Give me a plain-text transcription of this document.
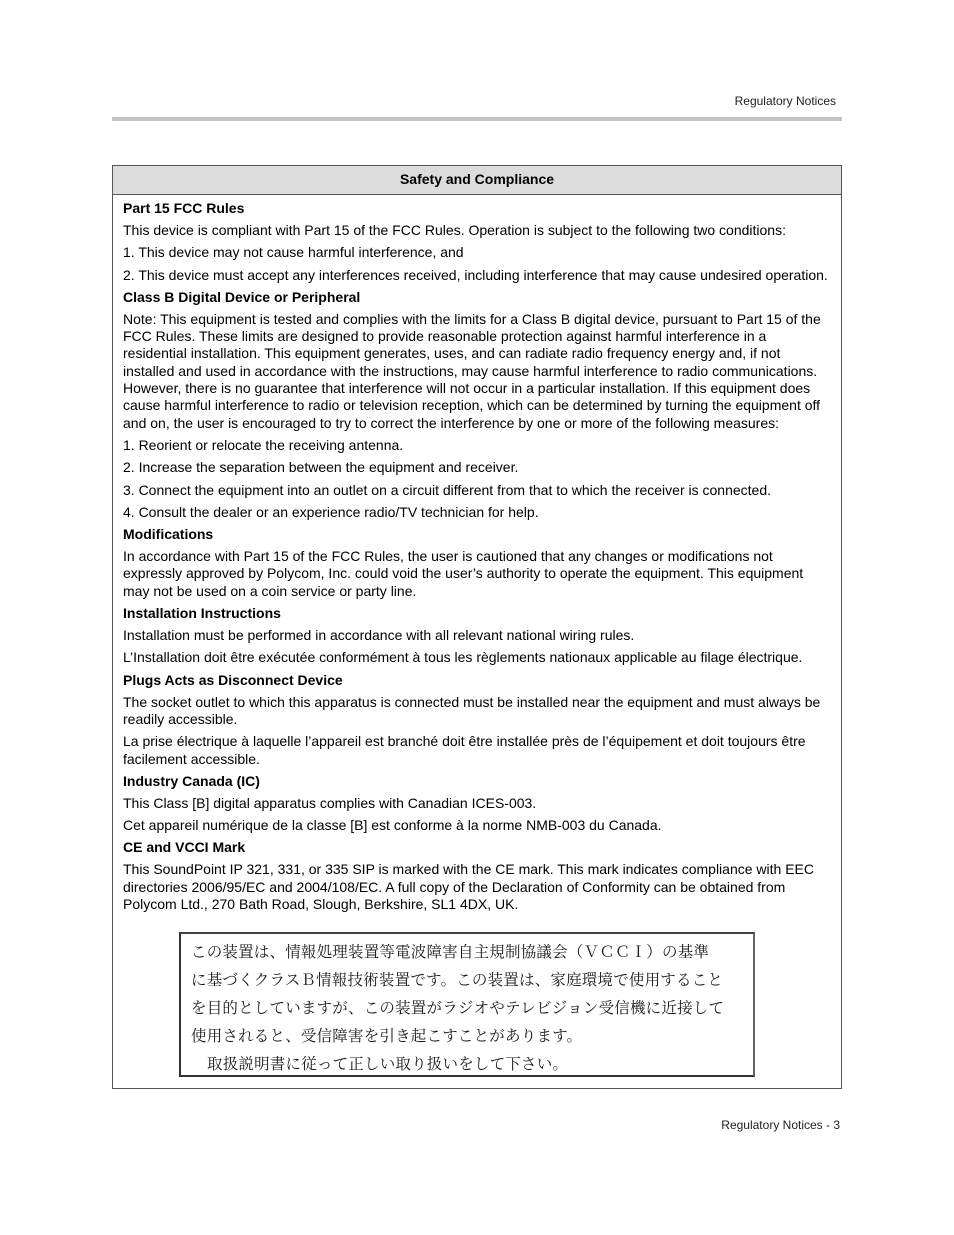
Regulatory Notices
Safety and Compliance
Part 15 FCC Rules
This device is compliant with Part 15 of the FCC Rules. Operation is subject to the following two conditions:
1. This device may not cause harmful interference, and
2. This device must accept any interferences received, including interference that may cause undesired operation.
Class B Digital Device or Peripheral
Note: This equipment is tested and complies with the limits for a Class B digital device, pursuant to Part 15 of the FCC Rules. These limits are designed to provide reasonable protection against harmful interference in a residential installation. This equipment generates, uses, and can radiate radio frequency energy and, if not installed and used in accordance with the instructions, may cause harmful interference to radio communications. However, there is no guarantee that interference will not occur in a particular installation. If this equipment does cause harmful interference to radio or television reception, which can be determined by turning the equipment off and on, the user is encouraged to try to correct the interference by one or more of the following measures:
1. Reorient or relocate the receiving antenna.
2. Increase the separation between the equipment and receiver.
3. Connect the equipment into an outlet on a circuit different from that to which the receiver is connected.
4. Consult the dealer or an experience radio/TV technician for help.
Modifications
In accordance with Part 15 of the FCC Rules, the user is cautioned that any changes or modifications not expressly approved by Polycom, Inc. could void the user’s authority to operate the equipment. This equipment may not be used on a coin service or party line.
Installation Instructions
Installation must be performed in accordance with all relevant national wiring rules.
L’Installation doit être exécutée conformément à tous les règlements nationaux applicable au filage électrique.
Plugs Acts as Disconnect Device
The socket outlet to which this apparatus is connected must be installed near the equipment and must always be readily accessible.
La prise électrique à laquelle l’appareil est branché doit être installée près de l’équipement et doit toujours être facilement accessible.
Industry Canada (IC)
This Class [B] digital apparatus complies with Canadian ICES-003.
Cet appareil numérique de la classe [B] est conforme à la norme NMB-003 du Canada.
CE and VCCI Mark
This SoundPoint IP 321, 331, or 335 SIP is marked with the CE mark. This mark indicates compliance with EEC directories 2006/95/EC and 2004/108/EC. A full copy of the Declaration of Conformity can be obtained from Polycom Ltd., 270 Bath Road, Slough, Berkshire, SL1 4DX, UK.
この装置は、情報処理装置等電波障害自主規制協議会（ＶＣＣＩ）の基準
に基づくクラスＢ情報技術装置です。この装置は、家庭環境で使用すること
を目的としていますが、この装置がラジオやテレビジョン受信機に近接して
使用されると、受信障害を引き起こすことがあります。
取扱説明書に従って正しい取り扱いをして下さい。
Regulatory Notices - 3
